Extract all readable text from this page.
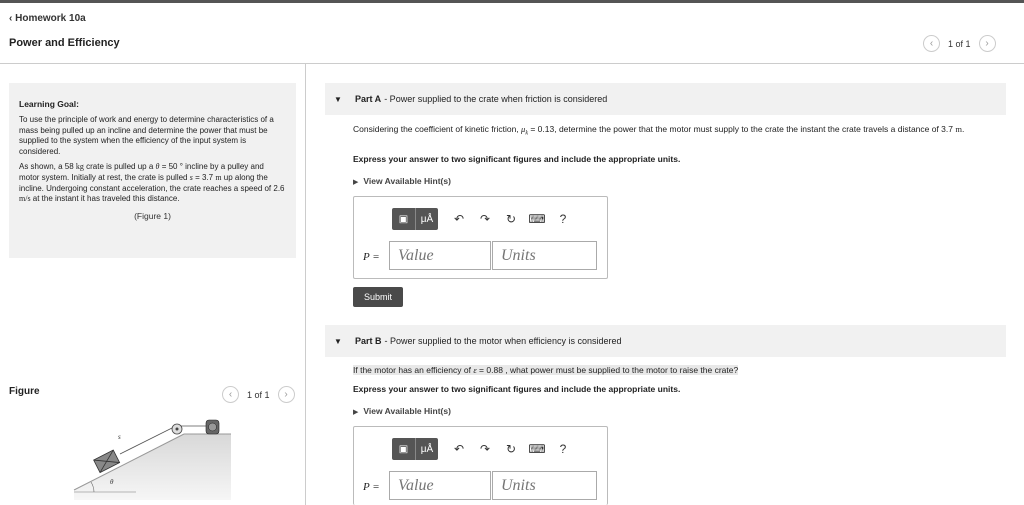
‹ Homework 10a
Power and Efficiency	‹ 1 of 1 ›
Learning Goal:

To use the principle of work and energy to determine characteristics of a mass being pulled up an incline and determine the power that must be supplied to the system when the efficiency of the input system is considered.

As shown, a 58 kg crate is pulled up a θ = 50 ° incline by a pulley and motor system. Initially at rest, the crate is pulled s = 3.7 m up along the incline. Undergoing constant acceleration, the crate reaches a speed of 2.6 m/s at the instant it has traveled this distance.

(Figure 1)
Figure	‹ 1 of 1 ›
s
θ
▼ Part A - Power supplied to the crate when friction is considered
Considering the coefficient of kinetic friction, $\mu_k = 0.13$, determine the power that the motor must supply to the crate the instant the crate travels a distance of 3.7 m.
Express your answer to two significant figures and include the appropriate units.
▶ View Available Hint(s)
▣	μÅ	↶	↷	↻	⌨	?
P =
Value
Units
Submit
▼ Part B - Power supplied to the motor when efficiency is considered
If the motor has an efficiency of ε = 0.88 , what power must be supplied to the motor to raise the crate?
Express your answer to two significant figures and include the appropriate units.
▶ View Available Hint(s)
▣	μÅ	↶	↷	↻	⌨	?
P =
Value
Units
